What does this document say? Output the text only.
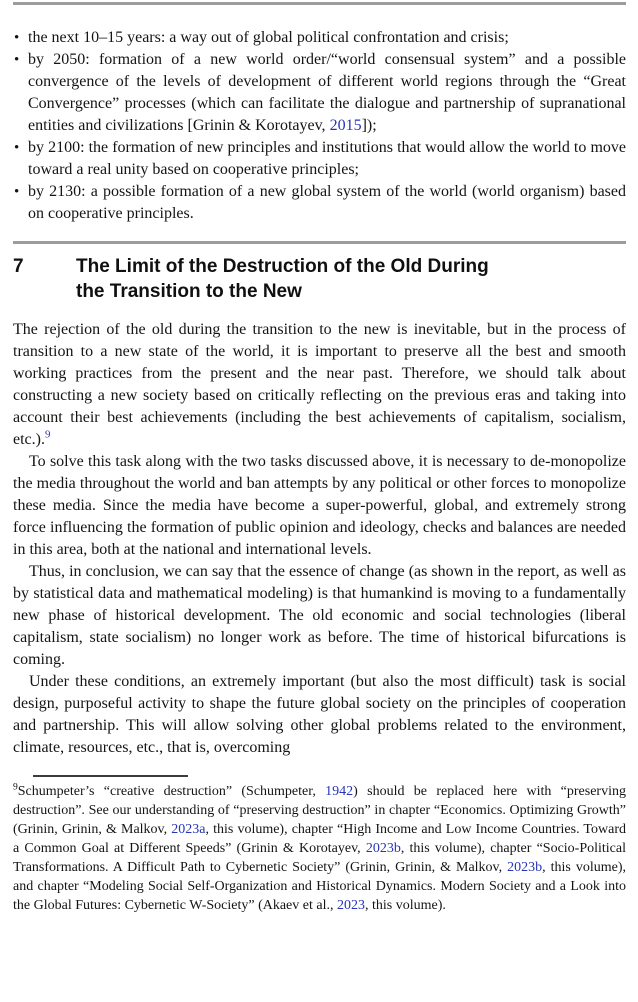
• the next 10–15 years: a way out of global political confrontation and crisis;
• by 2050: formation of a new world order/“world consensual system” and a possible convergence of the levels of development of different world regions through the “Great Convergence” processes (which can facilitate the dialogue and partnership of supranational entities and civilizations [Grinin & Korotayev, 2015]);
• by 2100: the formation of new principles and institutions that would allow the world to move toward a real unity based on cooperative principles;
• by 2130: a possible formation of a new global system of the world (world organism) based on cooperative principles.
7	The Limit of the Destruction of the Old During
the Transition to the New

The rejection of the old during the transition to the new is inevitable, but in the process of transition to a new state of the world, it is important to preserve all the best and smooth working practices from the present and the near past. Therefore, we should talk about constructing a new society based on critically reflecting on the previous eras and taking into account their best achievements (including the best achievements of capitalism, socialism, etc.).$^9$

To solve this task along with the two tasks discussed above, it is necessary to de-monopolize the media throughout the world and ban attempts by any political or other forces to monopolize these media. Since the media have become a super-powerful, global, and extremely strong force influencing the formation of public opinion and ideology, checks and balances are needed in this area, both at the national and international levels.

Thus, in conclusion, we can say that the essence of change (as shown in the report, as well as by statistical data and mathematical modeling) is that humankind is moving to a fundamentally new phase of historical development. The old economic and social technologies (liberal capitalism, state socialism) no longer work as before. The time of historical bifurcations is coming.

Under these conditions, an extremely important (but also the most difficult) task is social design, purposeful activity to shape the future global society on the principles of cooperation and partnership. This will allow solving other global problems related to the environment, climate, resources, etc., that is, overcoming

$^9$Schumpeter’s “creative destruction” (Schumpeter, 1942) should be replaced here with “preserving destruction”. See our understanding of “preserving destruction” in chapter “Economics. Optimizing Growth” (Grinin, Grinin, & Malkov, 2023a, this volume), chapter “High Income and Low Income Countries. Toward a Common Goal at Different Speeds” (Grinin & Korotayev, 2023b, this volume), chapter “Socio-Political Transformations. A Difficult Path to Cybernetic Society” (Grinin, Grinin, & Malkov, 2023b, this volume), and chapter “Modeling Social Self-Organization and Historical Dynamics. Modern Society and a Look into the Global Futures: Cybernetic W-Society” (Akaev et al., 2023, this volume).
